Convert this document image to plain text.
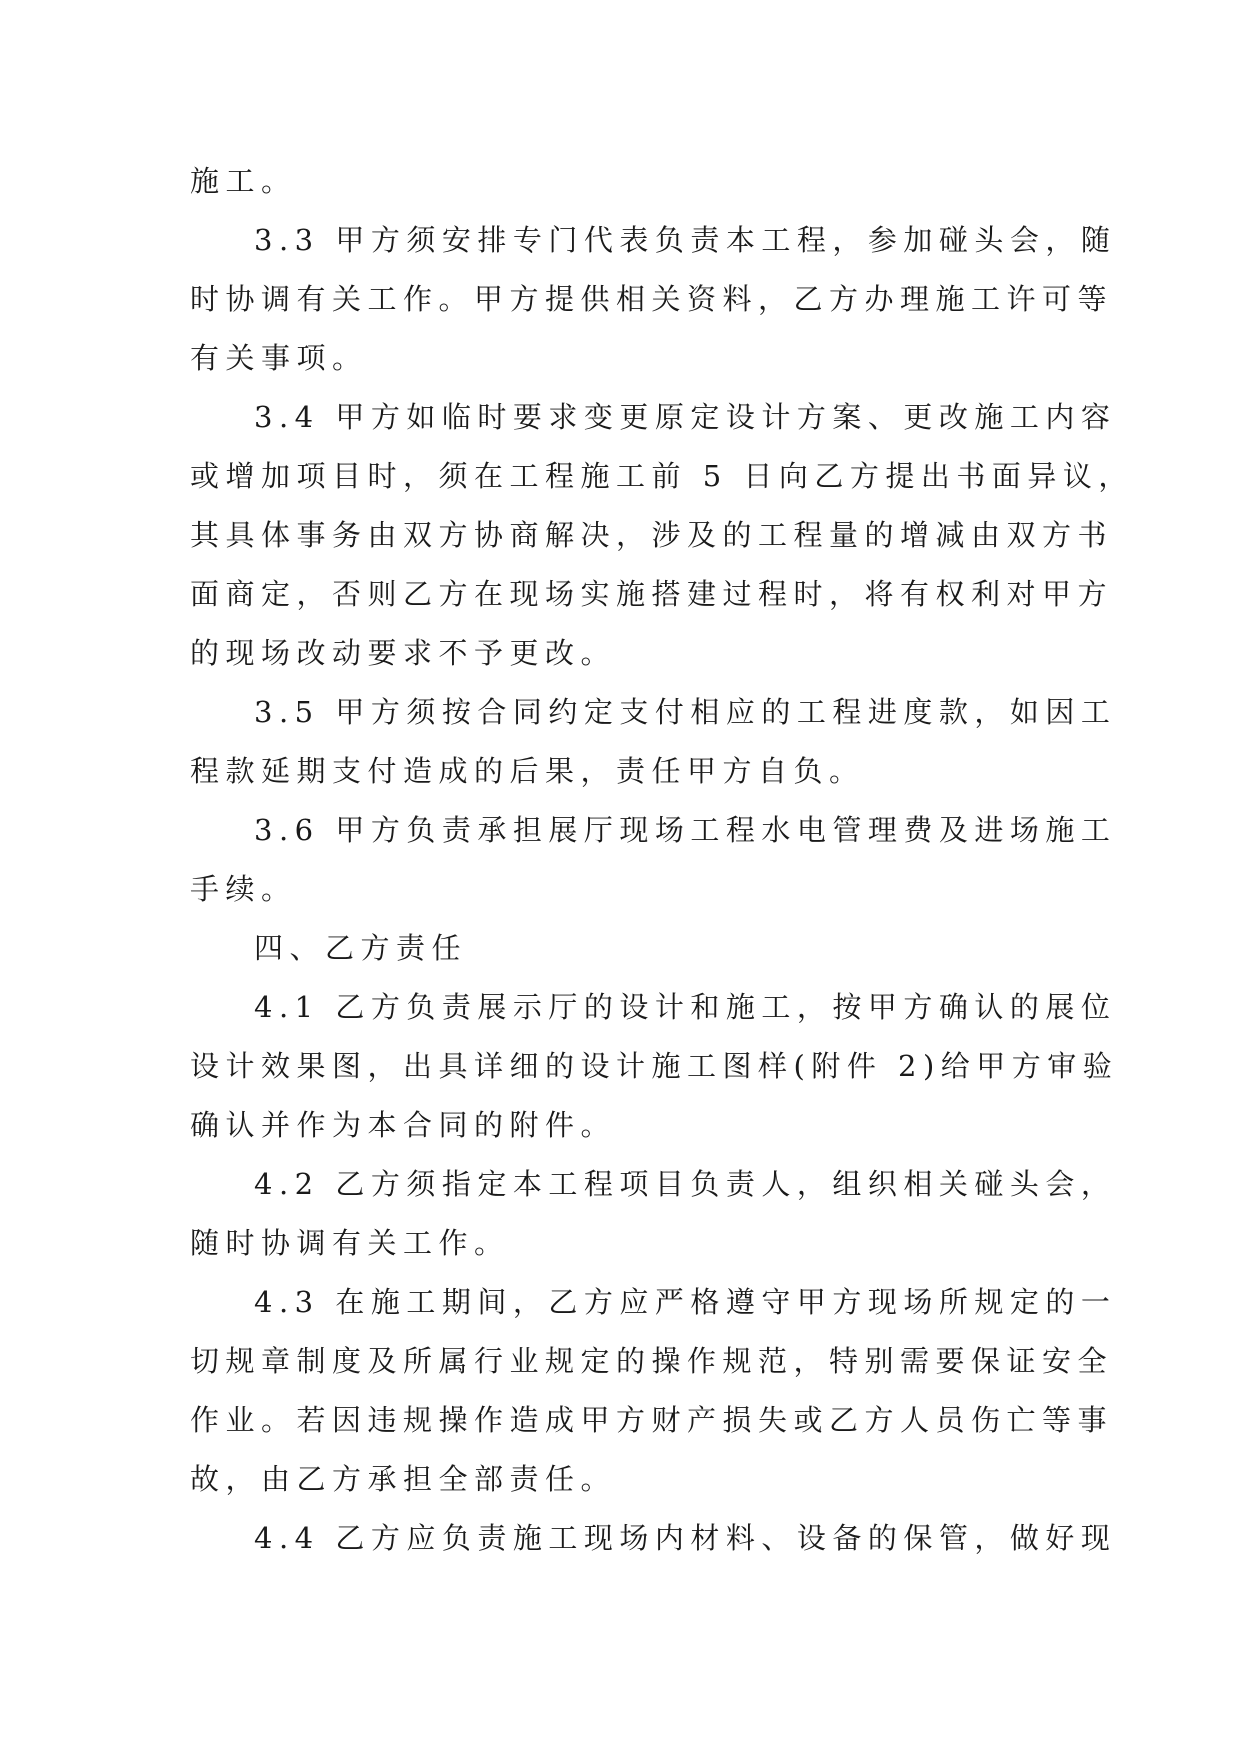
施工。
3.3 甲方须安排专门代表负责本工程，参加碰头会，随
时协调有关工作。甲方提供相关资料，乙方办理施工许可等
有关事项。
3.4 甲方如临时要求变更原定设计方案、更改施工内容
或增加项目时，须在工程施工前 5 日向乙方提出书面异议，
其具体事务由双方协商解决，涉及的工程量的增减由双方书
面商定，否则乙方在现场实施搭建过程时，将有权利对甲方
的现场改动要求不予更改。
3.5 甲方须按合同约定支付相应的工程进度款，如因工
程款延期支付造成的后果，责任甲方自负。
3.6 甲方负责承担展厅现场工程水电管理费及进场施工
手续。
四、乙方责任
4.1 乙方负责展示厅的设计和施工，按甲方确认的展位
设计效果图，出具详细的设计施工图样(附件 2)给甲方审验
确认并作为本合同的附件。
4.2 乙方须指定本工程项目负责人，组织相关碰头会，
随时协调有关工作。
4.3 在施工期间，乙方应严格遵守甲方现场所规定的一
切规章制度及所属行业规定的操作规范，特别需要保证安全
作业。若因违规操作造成甲方财产损失或乙方人员伤亡等事
故，由乙方承担全部责任。
4.4 乙方应负责施工现场内材料、设备的保管，做好现
